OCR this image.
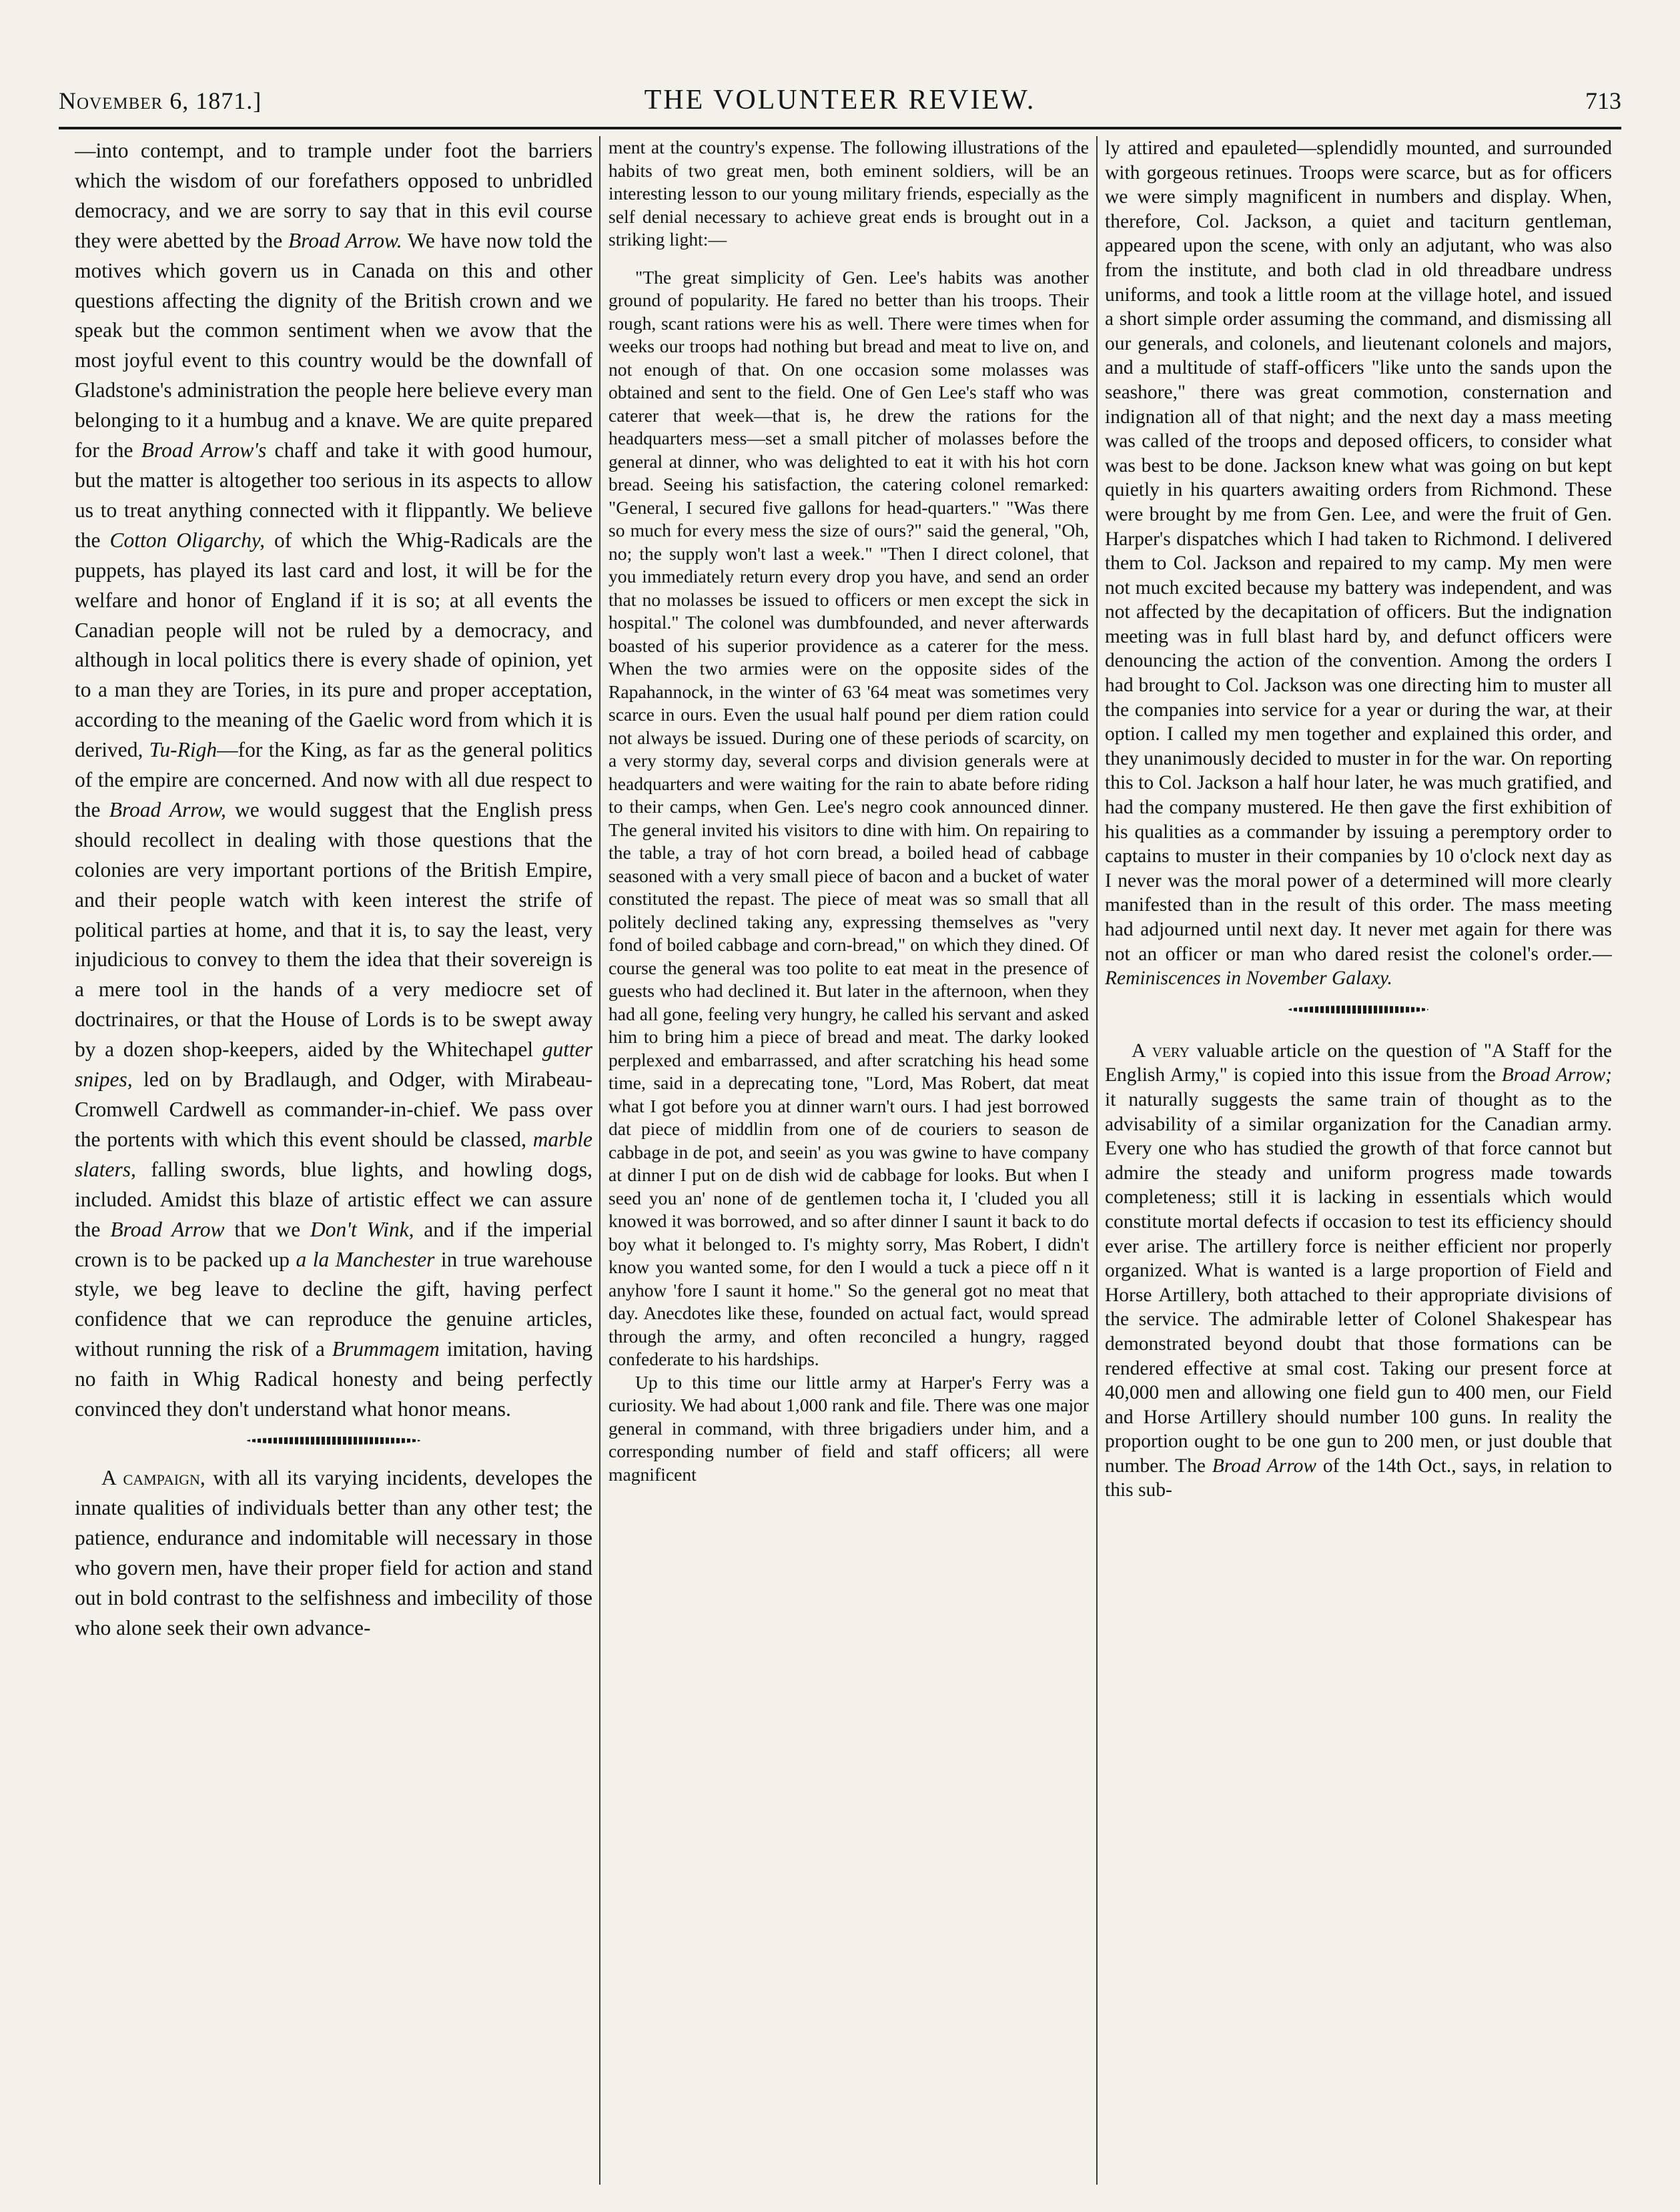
November 6, 1871.]	THE VOLUNTEER REVIEW.	713

—into contempt, and to trample under foot the barriers which the wisdom of our forefathers opposed to unbridled democracy, and we are sorry to say that in this evil course they were abetted by the Broad Arrow. We have now told the motives which govern us in Canada on this and other questions affecting the dignity of the British crown and we speak but the common sentiment when we avow that the most joyful event to this country would be the downfall of Gladstone's administration the people here believe every man belonging to it a humbug and a knave. We are quite prepared for the Broad Arrow's chaff and take it with good humour, but the matter is altogether too serious in its aspects to allow us to treat anything connected with it flippantly. We believe the Cotton Oligarchy, of which the Whig-Radicals are the puppets, has played its last card and lost, it will be for the welfare and honor of England if it is so; at all events the Canadian people will not be ruled by a democracy, and although in local politics there is every shade of opinion, yet to a man they are Tories, in its pure and proper acceptation, according to the meaning of the Gaelic word from which it is derived, Tu-Righ—for the King, as far as the general politics of the empire are concerned. And now with all due respect to the Broad Arrow, we would suggest that the English press should recollect in dealing with those questions that the colonies are very important portions of the British Empire, and their people watch with keen interest the strife of political parties at home, and that it is, to say the least, very injudicious to convey to them the idea that their sovereign is a mere tool in the hands of a very mediocre set of doctrinaires, or that the House of Lords is to be swept away by a dozen shop-keepers, aided by the Whitechapel gutter snipes, led on by Bradlaugh, and Odger, with Mirabeau-Cromwell Cardwell as commander-in-chief. We pass over the portents with which this event should be classed, marble slaters, falling swords, blue lights, and howling dogs, included. Amidst this blaze of artistic effect we can assure the Broad Arrow that we Don't Wink, and if the imperial crown is to be packed up a la Manchester in true warehouse style, we beg leave to decline the gift, having perfect confidence that we can reproduce the genuine articles, without running the risk of a Brummagem imitation, having no faith in Whig Radical honesty and being perfectly convinced they don't understand what honor means.

A campaign, with all its varying incidents, developes the innate qualities of individuals better than any other test; the patience, endurance and indomitable will necessary in those who govern men, have their proper field for action and stand out in bold contrast to the selfishness and imbecility of those who alone seek their own advance-

ment at the country's expense. The following illustrations of the habits of two great men, both eminent soldiers, will be an interesting lesson to our young military friends, especially as the self denial necessary to achieve great ends is brought out in a striking light:—

"The great simplicity of Gen. Lee's habits was another ground of popularity. He fared no better than his troops. Their rough, scant rations were his as well. There were times when for weeks our troops had nothing but bread and meat to live on, and not enough of that. On one occasion some molasses was obtained and sent to the field. One of Gen Lee's staff who was caterer that week—that is, he drew the rations for the headquarters mess—set a small pitcher of molasses before the general at dinner, who was delighted to eat it with his hot corn bread. Seeing his satisfaction, the catering colonel remarked: "General, I secured five gallons for head-quarters." "Was there so much for every mess the size of ours?" said the general, "Oh, no; the supply won't last a week." "Then I direct colonel, that you immediately return every drop you have, and send an order that no molasses be issued to officers or men except the sick in hospital." The colonel was dumbfounded, and never afterwards boasted of his superior providence as a caterer for the mess. When the two armies were on the opposite sides of the Rapahannock, in the winter of 63 '64 meat was sometimes very scarce in ours. Even the usual half pound per diem ration could not always be issued. During one of these periods of scarcity, on a very stormy day, several corps and division generals were at headquarters and were waiting for the rain to abate before riding to their camps, when Gen. Lee's negro cook announced dinner. The general invited his visitors to dine with him. On repairing to the table, a tray of hot corn bread, a boiled head of cabbage seasoned with a very small piece of bacon and a bucket of water constituted the repast. The piece of meat was so small that all politely declined taking any, expressing themselves as "very fond of boiled cabbage and corn-bread," on which they dined. Of course the general was too polite to eat meat in the presence of guests who had declined it. But later in the afternoon, when they had all gone, feeling very hungry, he called his servant and asked him to bring him a piece of bread and meat. The darky looked perplexed and embarrassed, and after scratching his head some time, said in a deprecating tone, "Lord, Mas Robert, dat meat what I got before you at dinner warn't ours. I had jest borrowed dat piece of middlin from one of de couriers to season de cabbage in de pot, and seein' as you was gwine to have company at dinner I put on de dish wid de cabbage for looks. But when I seed you an' none of de gentlemen tocha it, I 'cluded you all knowed it was borrowed, and so after dinner I saunt it back to do boy what it belonged to. I's mighty sorry, Mas Robert, I didn't know you wanted some, for den I would a tuck a piece off n it anyhow 'fore I saunt it home." So the general got no meat that day. Anecdotes like these, founded on actual fact, would spread through the army, and often reconciled a hungry, ragged confederate to his hardships.

Up to this time our little army at Harper's Ferry was a curiosity. We had about 1,000 rank and file. There was one major general in command, with three brigadiers under him, and a corresponding number of field and staff officers; all were magnificent

ly attired and epauleted—splendidly mounted, and surrounded with gorgeous retinues. Troops were scarce, but as for officers we were simply magnificent in numbers and display. When, therefore, Col. Jackson, a quiet and taciturn gentleman, appeared upon the scene, with only an adjutant, who was also from the institute, and both clad in old threadbare undress uniforms, and took a little room at the village hotel, and issued a short simple order assuming the command, and dismissing all our generals, and colonels, and lieutenant colonels and majors, and a multitude of staff-officers "like unto the sands upon the seashore," there was great commotion, consternation and indignation all of that night; and the next day a mass meeting was called of the troops and deposed officers, to consider what was best to be done. Jackson knew what was going on but kept quietly in his quarters awaiting orders from Richmond. These were brought by me from Gen. Lee, and were the fruit of Gen. Harper's dispatches which I had taken to Richmond. I delivered them to Col. Jackson and repaired to my camp. My men were not much excited because my battery was independent, and was not affected by the decapitation of officers. But the indignation meeting was in full blast hard by, and defunct officers were denouncing the action of the convention. Among the orders I had brought to Col. Jackson was one directing him to muster all the companies into service for a year or during the war, at their option. I called my men together and explained this order, and they unanimously decided to muster in for the war. On reporting this to Col. Jackson a half hour later, he was much gratified, and had the company mustered. He then gave the first exhibition of his qualities as a commander by issuing a peremptory order to captains to muster in their companies by 10 o'clock next day as I never was the moral power of a determined will more clearly manifested than in the result of this order. The mass meeting had adjourned until next day. It never met again for there was not an officer or man who dared resist the colonel's order.—Reminiscences in November Galaxy.

A very valuable article on the question of "A Staff for the English Army," is copied into this issue from the Broad Arrow; it naturally suggests the same train of thought as to the advisability of a similar organization for the Canadian army. Every one who has studied the growth of that force cannot but admire the steady and uniform progress made towards completeness; still it is lacking in essentials which would constitute mortal defects if occasion to test its efficiency should ever arise. The artillery force is neither efficient nor properly organized. What is wanted is a large proportion of Field and Horse Artillery, both attached to their appropriate divisions of the service. The admirable letter of Colonel Shakespear has demonstrated beyond doubt that those formations can be rendered effective at smal cost. Taking our present force at 40,000 men and allowing one field gun to 400 men, our Field and Horse Artillery should number 100 guns. In reality the proportion ought to be one gun to 200 men, or just double that number. The Broad Arrow of the 14th Oct., says, in relation to this sub-
